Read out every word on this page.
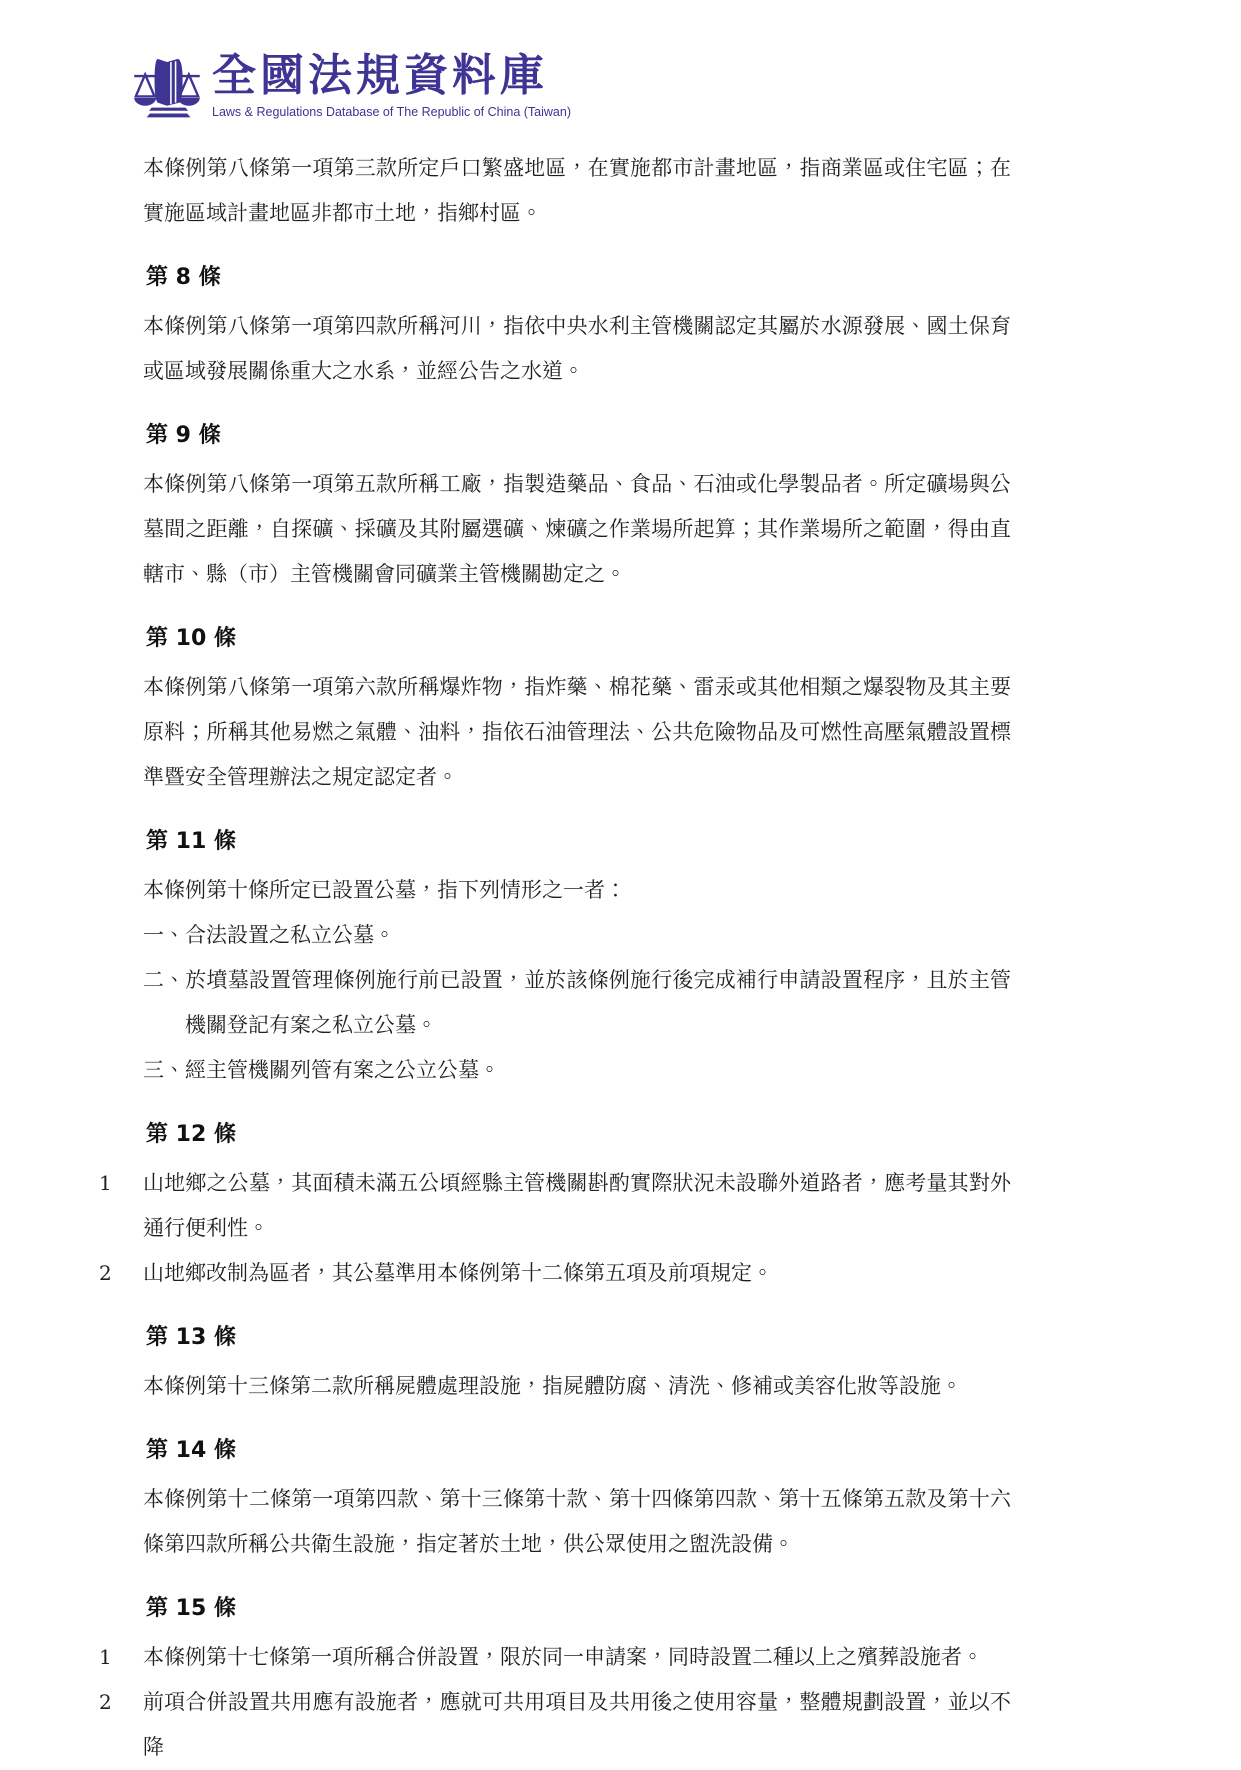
全國法規資料庫
Laws & Regulations Database of The Republic of China (Taiwan)

本條例第八條第一項第三款所定戶口繁盛地區，在實施都市計畫地區，指商業區或住宅區；在實施區域計畫地區非都市土地，指鄉村區。

第 8 條

本條例第八條第一項第四款所稱河川，指依中央水利主管機關認定其屬於水源發展、國土保育或區域發展關係重大之水系，並經公告之水道。

第 9 條

本條例第八條第一項第五款所稱工廠，指製造藥品、食品、石油或化學製品者。所定礦場與公墓間之距離，自探礦、採礦及其附屬選礦、煉礦之作業場所起算；其作業場所之範圍，得由直轄市、縣（市）主管機關會同礦業主管機關勘定之。

第 10 條

本條例第八條第一項第六款所稱爆炸物，指炸藥、棉花藥、雷汞或其他相類之爆裂物及其主要原料；所稱其他易燃之氣體、油料，指依石油管理法、公共危險物品及可燃性高壓氣體設置標準暨安全管理辦法之規定認定者。

第 11 條

本條例第十條所定已設置公墓，指下列情形之一者：

一、合法設置之私立公墓。

二、於墳墓設置管理條例施行前已設置，並於該條例施行後完成補行申請設置程序，且於主管機關登記有案之私立公墓。

三、經主管機關列管有案之公立公墓。

第 12 條
1	山地鄉之公墓，其面積未滿五公頃經縣主管機關斟酌實際狀況未設聯外道路者，應考量其對外通行便利性。

2	山地鄉改制為區者，其公墓準用本條例第十二條第五項及前項規定。

第 13 條

本條例第十三條第二款所稱屍體處理設施，指屍體防腐、清洗、修補或美容化妝等設施。

第 14 條

本條例第十二條第一項第四款、第十三條第十款、第十四條第四款、第十五條第五款及第十六條第四款所稱公共衛生設施，指定著於土地，供公眾使用之盥洗設備。

第 15 條
1	本條例第十七條第一項所稱合併設置，限於同一申請案，同時設置二種以上之殯葬設施者。

2	前項合併設置共用應有設施者，應就可共用項目及共用後之使用容量，整體規劃設置，並以不降
